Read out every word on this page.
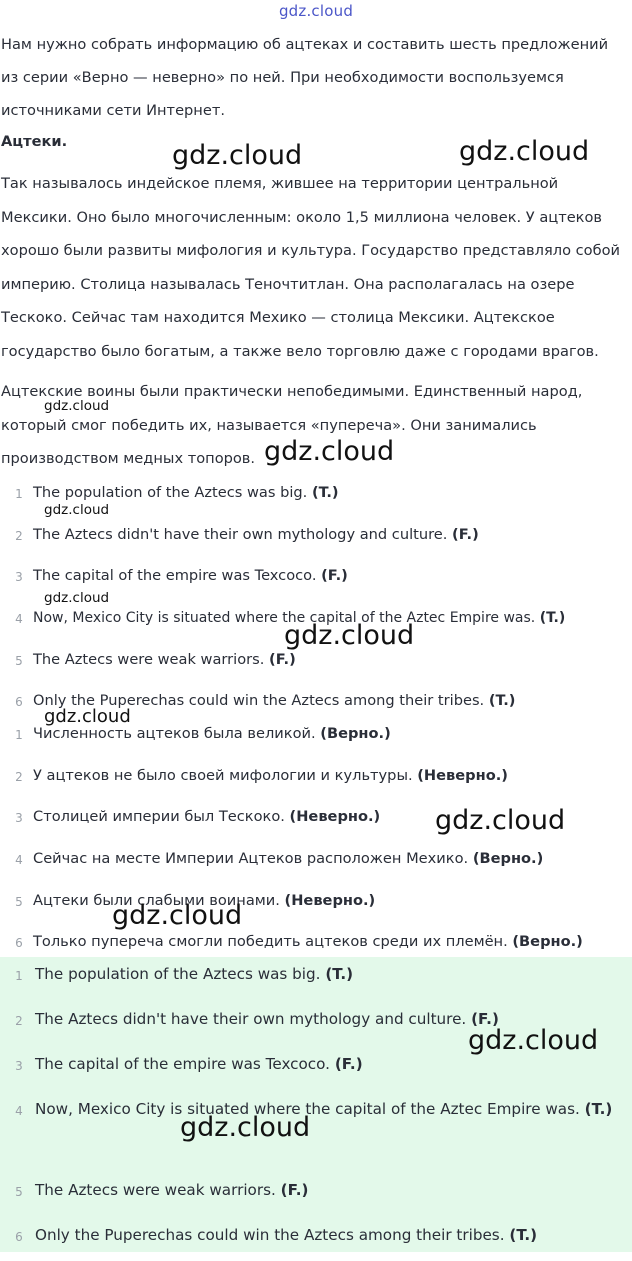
gdz.cloud

Нам нужно собрать информацию об ацтеках и составить шесть предложений из серии «Верно — неверно» по ней. При необходимости воспользуемся источниками сети Интернет.

Ацтеки.

Так называлось индейское племя, жившее на территории центральной Мексики. Оно было многочисленным: около 1,5 миллиона человек. У ацтеков хорошо были развиты мифология и культура. Государство представляло собой империю. Столица называлась Теночтитлан. Она располагалась на озере Тескоко. Сейчас там находится Мехико — столица Мексики. Ацтекское государство было богатым, а также вело торговлю даже с городами врагов.

Ацтекские воины были практически непобедимыми. Единственный народ, который смог победить их, называется «пупереча». Они занимались производством медных топоров.

1 The population of the Aztecs was big. (T.)
2 The Aztecs didn't have their own mythology and culture. (F.)
3 The capital of the empire was Texcoco. (F.)
4 Now, Mexico City is situated where the capital of the Aztec Empire was. (T.)
5 The Aztecs were weak warriors. (F.)
6 Only the Puperechas could win the Aztecs among their tribes. (T.)
1 Численность ацтеков была великой. (Верно.)
2 У ацтеков не было своей мифологии и культуры. (Неверно.)
3 Столицей империи был Тескоко. (Неверно.)
4 Сейчас на месте Империи Ацтеков расположен Мехико. (Верно.)
5 Ацтеки были слабыми воинами. (Неверно.)
6 Только пупереча смогли победить ацтеков среди их племён. (Верно.)
1 The population of the Aztecs was big. (T.)
2 The Aztecs didn't have their own mythology and culture. (F.)
3 The capital of the empire was Texcoco. (F.)
4 Now, Mexico City is situated where the capital of the Aztec Empire was. (T.)
5 The Aztecs were weak warriors. (F.)
6 Only the Puperechas could win the Aztecs among their tribes. (T.)
gdz.cloud	gdz.cloud
gdz.cloud
gdz.cloud
gdz.cloud
gdz.cloud
gdz.cloud
gdz.cloud
gdz.cloud
gdz.cloud
gdz.cloud
gdz.cloud
